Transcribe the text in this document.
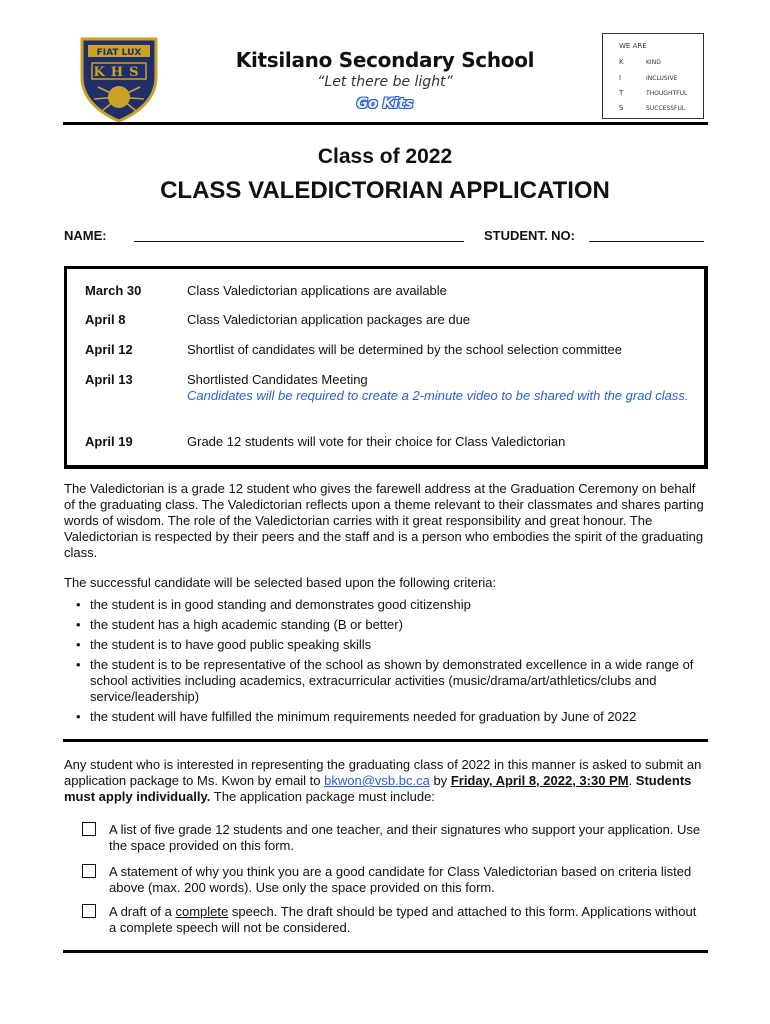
FIAT LUX
KHS
Kitsilano Secondary School
“Let there be light”
Go Kits
WE ARE
K	KIND
I	INCLUSIVE
T	THOUGHTFUL
S	SUCCESSFUL
Class of 2022
CLASS VALEDICTORIAN APPLICATION
NAME:	STUDENT. NO:
March 30	Class Valedictorian applications are available
April 8	Class Valedictorian application packages are due
April 12	Shortlist of candidates will be determined by the school selection committee
April 13	Shortlisted Candidates Meeting
Candidates will be required to create a 2-minute video to be shared with the grad class.
April 19	Grade 12 students will vote for their choice for Class Valedictorian
The Valedictorian is a grade 12 student who gives the farewell address at the Graduation Ceremony on behalf of the graduating class. The Valedictorian reflects upon a theme relevant to their classmates and shares parting words of wisdom. The role of the Valedictorian carries with it great responsibility and great honour. The Valedictorian is respected by their peers and the staff and is a person who embodies the spirit of the graduating class.
The successful candidate will be selected based upon the following criteria:
• the student is in good standing and demonstrates good citizenship
• the student has a high academic standing (B or better)
• the student is to have good public speaking skills
• the student is to be representative of the school as shown by demonstrated excellence in a wide range of school activities including academics, extracurricular activities (music/drama/art/athletics/clubs and service/leadership)
• the student will have fulfilled the minimum requirements needed for graduation by June of 2022
Any student who is interested in representing the graduating class of 2022 in this manner is asked to submit an application package to Ms. Kwon by email to bkwon@vsb.bc.ca by Friday, April 8, 2022, 3:30 PM. Students must apply individually. The application package must include:
A list of five grade 12 students and one teacher, and their signatures who support your application. Use the space provided on this form.
A statement of why you think you are a good candidate for Class Valedictorian based on criteria listed above (max. 200 words). Use only the space provided on this form.
A draft of a complete speech. The draft should be typed and attached to this form. Applications without a complete speech will not be considered.
